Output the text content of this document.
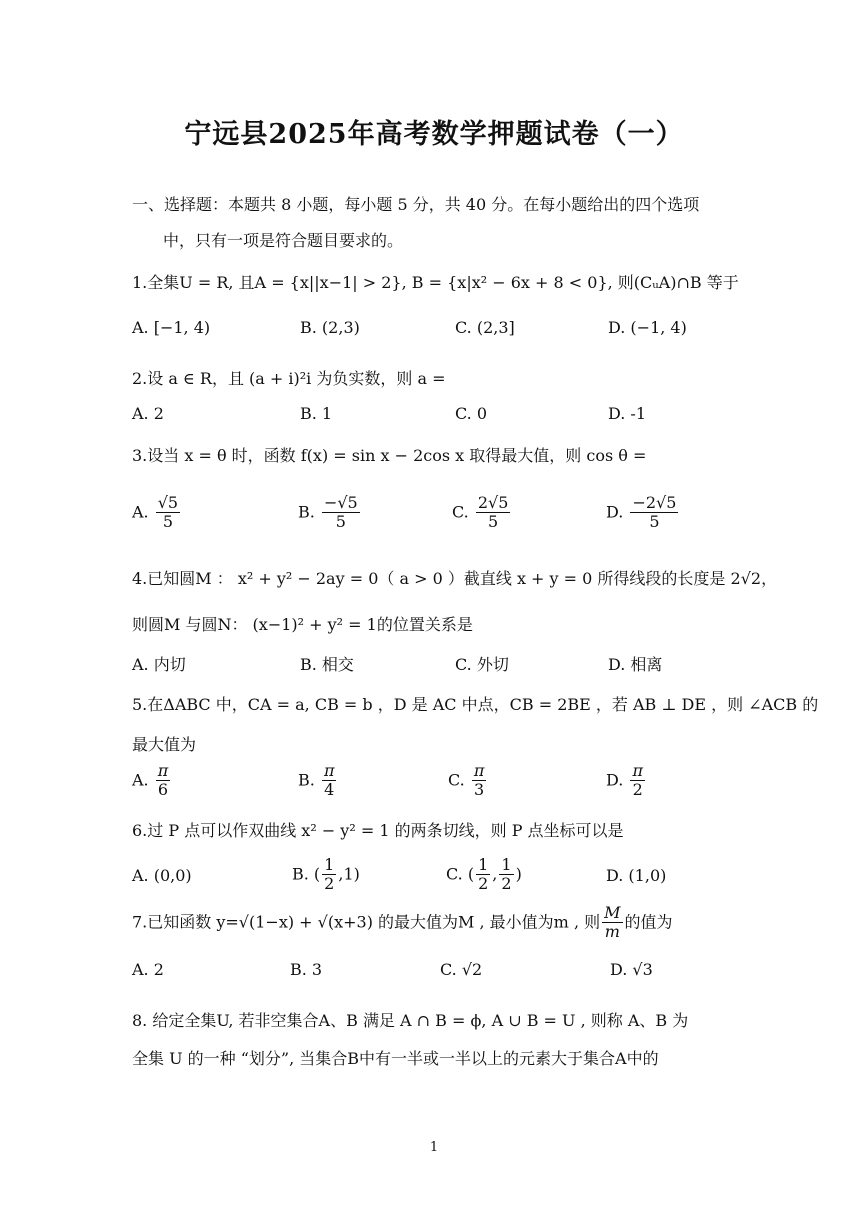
宁远县2025年高考数学押题试卷（一）
一、选择题：本题共 8 小题，每小题 5 分，共 40 分。在每小题给出的四个选项
中，只有一项是符合题目要求的。
1.全集U = R, 且A = {x||x−1| > 2}, B = {x|x² − 6x + 8 < 0}, 则(CᵤA)∩B 等于
A. [−1, 4)	B. (2,3)	C. (2,3]	D. (−1, 4)
2.设 a ∈ R，且 (a + i)²i 为负实数，则 a =
A. 2	B. 1	C. 0	D. -1
3.设当 x = θ 时，函数 f(x) = sin x − 2cos x 取得最大值，则 cos θ =
A. $\frac{√5}{5}$	B. $\frac{-√5}{5}$	C. $\frac{2√5}{5}$	D. $\frac{-2√5}{5}$
4.已知圆M ： x² + y² − 2ay = 0（ a > 0 ）截直线 x + y = 0 所得线段的长度是 2√2，
则圆M 与圆N： (x−1)² + y² = 1的位置关系是
A. 内切	B. 相交	C. 外切	D. 相离
5.在ΔABC 中，CA = a, CB = b ，D 是 AC 中点，CB = 2BE ，若 AB ⊥ DE ，则 ∠ACB 的
最大值为
A. $\frac{\pi}{6}$	B. $\frac{\pi}{4}$	C. $\frac{\pi}{3}$	D. $\frac{\pi}{2}$
6.过 P 点可以作双曲线 x² − y² = 1 的两条切线，则 P 点坐标可以是
A. (0,0)	B. ( $\frac{1}{2} ,1$)	C. ( $\frac{1}{2}$ , $\frac{1}{2}$ )	D. (1,0)
7.已知函数 y=√(1−x) + √(x+3) 的最大值为M , 最小值为m , 则 $\frac{M}{m}$ 的值为
A. 2	B. 3	C. √2	D. √3
8. 给定全集U, 若非空集合A、B 满足 A ∩ B = ϕ, A ∪ B = U , 则称 A、B 为
全集 U 的一种 “划分”, 当集合B中有一半或一半以上的元素大于集合A中的
1
